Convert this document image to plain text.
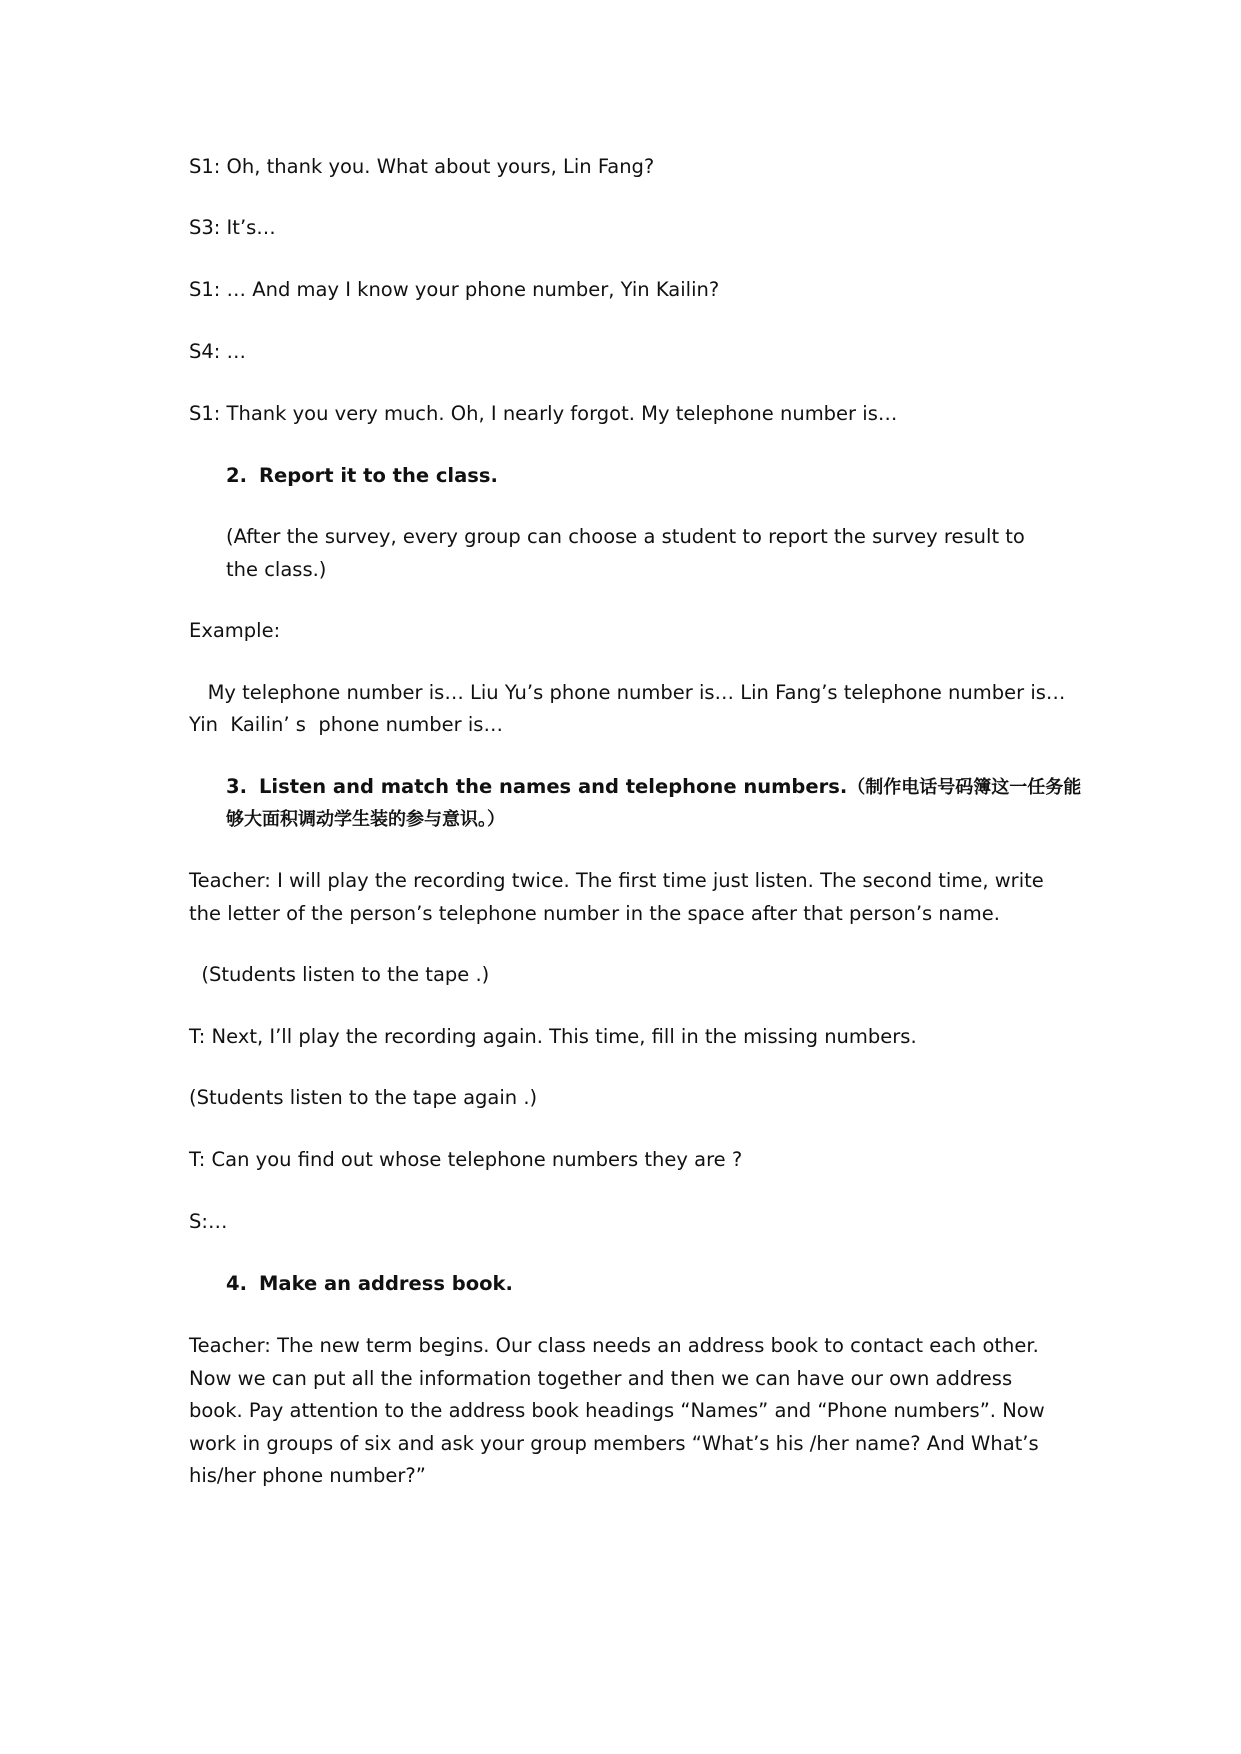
S1: Oh, thank you. What about yours, Lin Fang?

S3: It’s…

S1: … And may I know your phone number, Yin Kailin?

S4: …

S1: Thank you very much. Oh, I nearly forgot. My telephone number is…

2. Report it to the class.

(After the survey, every group can choose a student to report the survey result to the class.)

Example:

My telephone number is… Liu Yu’s phone number is… Lin Fang’s telephone number is…

Yin  Kailin’ s  phone number is…

3. Listen and match the names and telephone numbers.（制作电话号码簿这一任务能

够大面积调动学生装的参与意识。）

Teacher: I will play the recording twice. The first time just listen. The second time, write the letter of the person’s telephone number in the space after that person’s name.

(Students listen to the tape .)

T: Next, I’ll play the recording again. This time, fill in the missing numbers.

(Students listen to the tape again .)

T: Can you find out whose telephone numbers they are ?

S:…

4. Make an address book.

Teacher: The new term begins. Our class needs an address book to contact each other. Now we can put all the information together and then we can have our own address book. Pay attention to the address book headings “Names” and “Phone numbers”. Now work in groups of six and ask your group members “What’s his /her name? And What’s his/her phone number?”
